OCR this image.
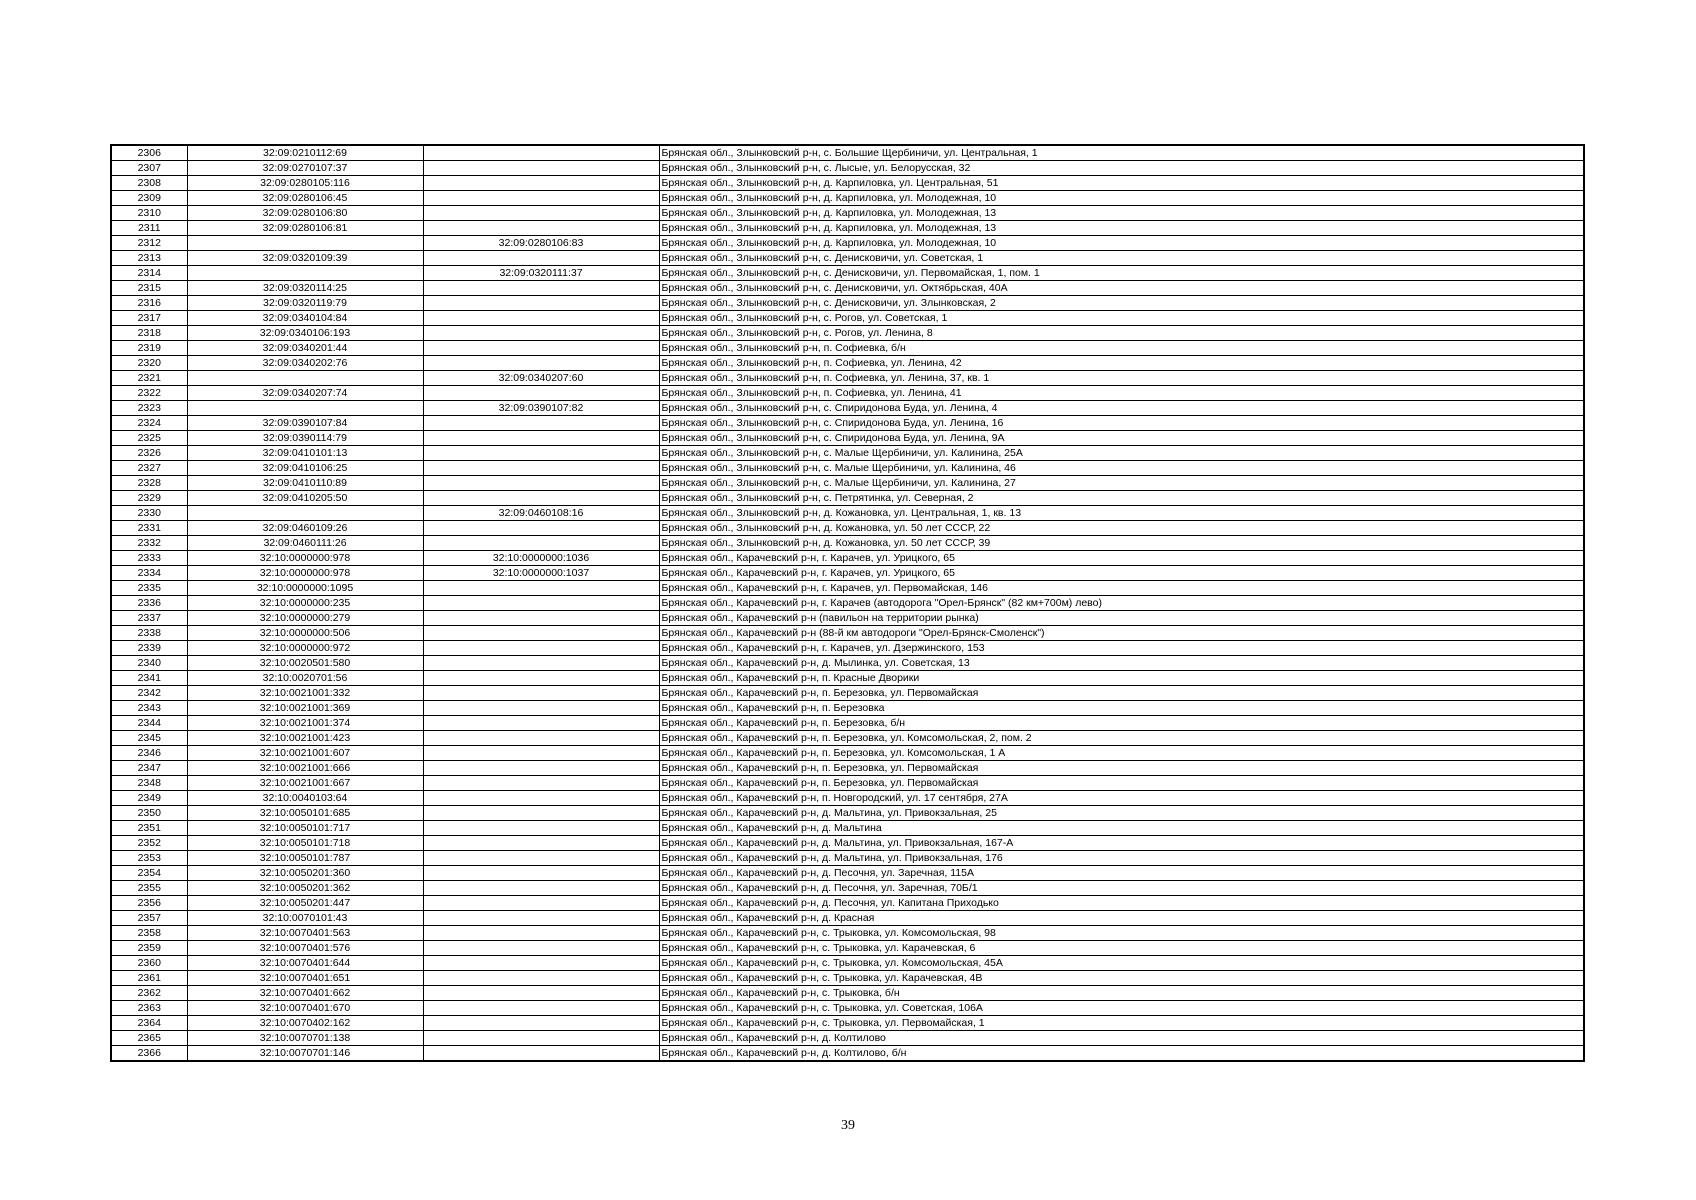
2306	32:09:0210112:69		Брянская обл., Злынковский р-н, с. Большие Щербиничи, ул. Центральная, 1
2307	32:09:0270107:37		Брянская обл., Злынковский р-н, с. Лысые, ул. Белорусская, 32
2308	32:09:0280105:116		Брянская обл., Злынковский р-н, д. Карпиловка, ул. Центральная, 51
2309	32:09:0280106:45		Брянская обл., Злынковский р-н, д. Карпиловка, ул. Молодежная, 10
2310	32:09:0280106:80		Брянская обл., Злынковский р-н, д. Карпиловка, ул. Молодежная, 13
2311	32:09:0280106:81		Брянская обл., Злынковский р-н, д. Карпиловка, ул. Молодежная, 13
2312		32:09:0280106:83	Брянская обл., Злынковский р-н, д. Карпиловка, ул. Молодежная, 10
2313	32:09:0320109:39		Брянская обл., Злынковский р-н, с. Денисковичи, ул. Советская, 1
2314		32:09:0320111:37	Брянская обл., Злынковский р-н, с. Денисковичи, ул. Первомайская, 1, пом. 1
2315	32:09:0320114:25		Брянская обл., Злынковский р-н, с. Денисковичи, ул. Октябрьская, 40А
2316	32:09:0320119:79		Брянская обл., Злынковский р-н, с. Денисковичи, ул. Злынковская, 2
2317	32:09:0340104:84		Брянская обл., Злынковский р-н, с. Рогов, ул. Советская, 1
2318	32:09:0340106:193		Брянская обл., Злынковский р-н, с. Рогов, ул. Ленина, 8
2319	32:09:0340201:44		Брянская обл., Злынковский р-н, п. Софиевка, б/н
2320	32:09:0340202:76		Брянская обл., Злынковский р-н, п. Софиевка, ул. Ленина, 42
2321		32:09:0340207:60	Брянская обл., Злынковский р-н, п. Софиевка, ул. Ленина, 37, кв. 1
2322	32:09:0340207:74		Брянская обл., Злынковский р-н, п. Софиевка, ул. Ленина, 41
2323		32:09:0390107:82	Брянская обл., Злынковский р-н, с. Спиридонова Буда, ул. Ленина, 4
2324	32:09:0390107:84		Брянская обл., Злынковский р-н, с. Спиридонова Буда, ул. Ленина, 16
2325	32:09:0390114:79		Брянская обл., Злынковский р-н, с. Спиридонова Буда, ул. Ленина, 9А
2326	32:09:0410101:13		Брянская обл., Злынковский р-н, с. Малые Щербиничи, ул. Калинина, 25А
2327	32:09:0410106:25		Брянская обл., Злынковский р-н, с. Малые Щербиничи, ул. Калинина, 46
2328	32:09:0410110:89		Брянская обл., Злынковский р-н, с. Малые Щербиничи, ул. Калинина, 27
2329	32:09:0410205:50		Брянская обл., Злынковский р-н, с. Петрятинка, ул. Северная, 2
2330		32:09:0460108:16	Брянская обл., Злынковский р-н, д. Кожановка, ул. Центральная, 1, кв. 13
2331	32:09:0460109:26		Брянская обл., Злынковский р-н, д. Кожановка, ул. 50 лет СССР, 22
2332	32:09:0460111:26		Брянская обл., Злынковский р-н, д. Кожановка, ул. 50 лет СССР, 39
2333	32:10:0000000:978	32:10:0000000:1036	Брянская обл., Карачевский р-н, г. Карачев, ул. Урицкого, 65
2334	32:10:0000000:978	32:10:0000000:1037	Брянская обл., Карачевский р-н, г. Карачев, ул. Урицкого, 65
2335	32:10:0000000:1095		Брянская обл., Карачевский р-н, г. Карачев, ул. Первомайская, 146
2336	32:10:0000000:235		Брянская обл., Карачевский р-н, г. Карачев (автодорога "Орел-Брянск" (82 км+700м) лево)
2337	32:10:0000000:279		Брянская обл., Карачевский р-н (павильон на территории рынка)
2338	32:10:0000000:506		Брянская обл., Карачевский р-н (88-й км автодороги "Орел-Брянск-Смоленск")
2339	32:10:0000000:972		Брянская обл., Карачевский р-н, г. Карачев, ул. Дзержинского, 153
2340	32:10:0020501:580		Брянская обл., Карачевский р-н, д. Мылинка, ул. Советская, 13
2341	32:10:0020701:56		Брянская обл., Карачевский р-н, п. Красные Дворики
2342	32:10:0021001:332		Брянская обл., Карачевский р-н, п. Березовка, ул. Первомайская
2343	32:10:0021001:369		Брянская обл., Карачевский р-н, п. Березовка
2344	32:10:0021001:374		Брянская обл., Карачевский р-н, п. Березовка, б/н
2345	32:10:0021001:423		Брянская обл., Карачевский р-н, п. Березовка, ул. Комсомольская, 2, пом. 2
2346	32:10:0021001:607		Брянская обл., Карачевский р-н, п. Березовка, ул. Комсомольская, 1 А
2347	32:10:0021001:666		Брянская обл., Карачевский р-н, п. Березовка, ул. Первомайская
2348	32:10:0021001:667		Брянская обл., Карачевский р-н, п. Березовка, ул. Первомайская
2349	32:10:0040103:64		Брянская обл., Карачевский р-н, п. Новгородский, ул. 17 сентября, 27А
2350	32:10:0050101:685		Брянская обл., Карачевский р-н, д. Мальтина, ул. Привокзальная, 25
2351	32:10:0050101:717		Брянская обл., Карачевский р-н, д. Мальтина
2352	32:10:0050101:718		Брянская обл., Карачевский р-н, д. Мальтина, ул. Привокзальная, 167-А
2353	32:10:0050101:787		Брянская обл., Карачевский р-н, д. Мальтина, ул. Привокзальная, 176
2354	32:10:0050201:360		Брянская обл., Карачевский р-н, д. Песочня, ул. Заречная, 115А
2355	32:10:0050201:362		Брянская обл., Карачевский р-н, д. Песочня, ул. Заречная, 70Б/1
2356	32:10:0050201:447		Брянская обл., Карачевский р-н, д. Песочня, ул. Капитана Приходько
2357	32:10:0070101:43		Брянская обл., Карачевский р-н, д. Красная
2358	32:10:0070401:563		Брянская обл., Карачевский р-н, с. Трыковка, ул. Комсомольская, 98
2359	32:10:0070401:576		Брянская обл., Карачевский р-н, с. Трыковка, ул. Карачевская, 6
2360	32:10:0070401:644		Брянская обл., Карачевский р-н, с. Трыковка, ул. Комсомольская, 45А
2361	32:10:0070401:651		Брянская обл., Карачевский р-н, с. Трыковка, ул. Карачевская, 4В
2362	32:10:0070401:662		Брянская обл., Карачевский р-н, с. Трыковка, б/н
2363	32:10:0070401:670		Брянская обл., Карачевский р-н, с. Трыковка, ул. Советская, 106А
2364	32:10:0070402:162		Брянская обл., Карачевский р-н, с. Трыковка, ул. Первомайская, 1
2365	32:10:0070701:138		Брянская обл., Карачевский р-н, д. Колтилово
2366	32:10:0070701:146		Брянская обл., Карачевский р-н, д. Колтилово, б/н
39
